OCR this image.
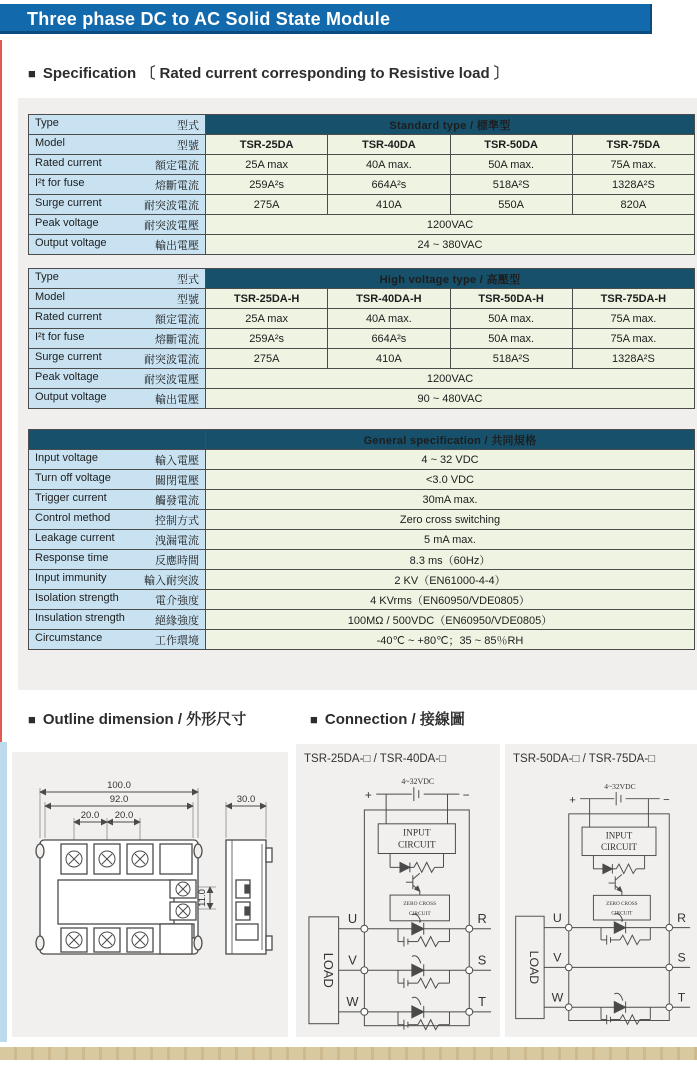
Three phase DC to AC Solid State Module
■ Specification 〔 Rated current corresponding to Resistive load 〕
Type 型式	Standard type / 標準型			

Model 型號	TSR-25DA	TSR-40DA	TSR-50DA	TSR-75DA

Rated current 額定電流	25A max	40A max.	50A max.	75A max.

I²t for fuse 熔斷電流	259A²s	664A²s	518A²S	1328A²S

Surge current 耐突波電流	275A	410A	550A	820A

Peak voltage 耐突波電壓	1200VAC			

Output voltage 輸出電壓	24 ~ 380VAC			
Type 型式	High voltage type / 高壓型			

Model 型號	TSR-25DA-H	TSR-40DA-H	TSR-50DA-H	TSR-75DA-H

Rated current 額定電流	25A max	40A max.	50A max.	75A max.

I²t for fuse 熔斷電流	259A²s	664A²s	50A max.	75A max.

Surge current 耐突波電流	275A	410A	518A²S	1328A²S

Peak voltage 耐突波電壓	1200VAC			

Output voltage 輸出電壓	90 ~ 480VAC			
	General specification / 共同規格

Input voltage 輸入電壓	4 ~ 32 VDC

Turn off voltage 關閉電壓	<3.0 VDC

Trigger current 觸發電流	30mA max.

Control method 控制方式	Zero cross switching

Leakage current 洩漏電流	5 mA max.

Response time 反應時間	8.3 ms（60Hz）

Input immunity 輸入耐突波	2 KV（EN61000-4-4）

Isolation strength 電介強度	4 KVrms（EN60950/VDE0805）

Insulation strength 絕緣強度	100MΩ / 500VDC（EN60950/VDE0805）

Circumstance 工作環境	-40℃ ~ +80℃；35 ~ 85％RH
■ Outline dimension / 外形尺寸	■ Connection / 接線圖
100.0
92.0
20.0 20.0
30.0
11.0
TSR-25DA-□ / TSR-40DA-□
4~32VDC
+	−
INPUT
CIRCUIT
ZERO CROSS
CIRCUIT
LOAD
U	R
V	S
W	T
TSR-50DA-□ / TSR-75DA-□
4~32VDC
+	−
INPUT
CIRCUIT
ZERO CROSS
CIRCUIT
LOAD
U	R
V	S
W	T
